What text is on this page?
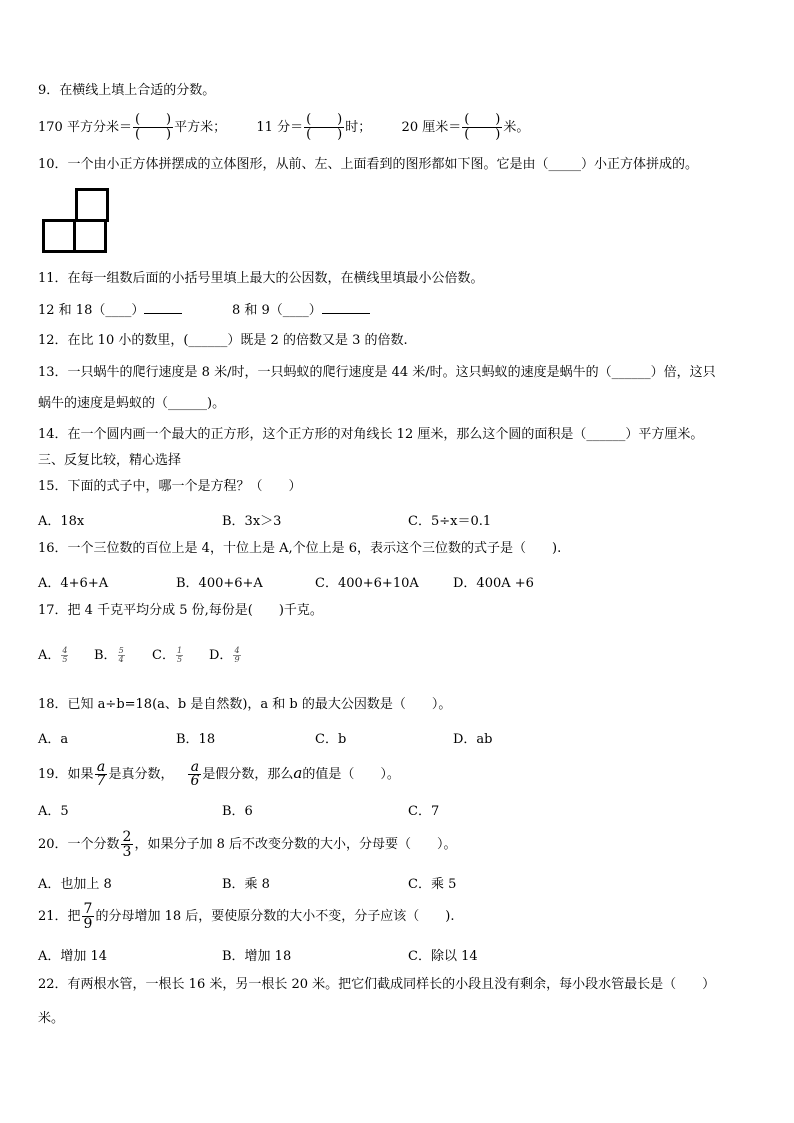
9．在横线上填上合适的分数。
170 平方分米＝ $\frac{( )}{( )}$ 平方米； 11 分＝ $\frac{( )}{( )}$ 时； 20 厘米＝ $\frac{( )}{( )}$ 米。
10．一个由小正方体拼摆成的立体图形，从前、左、上面看到的图形都如下图。它是由（_____）小正方体拼成的。
11．在每一组数后面的小括号里填上最大的公因数，在横线里填最小公倍数。
12 和 18（____）	8 和 9（____）
12．在比 10 小的数里，(______）既是 2 的倍数又是 3 的倍数.
13．一只蜗牛的爬行速度是 8 米/时，一只蚂蚁的爬行速度是 44 米/时。这只蚂蚁的速度是蜗牛的（______）倍，这只
蜗牛的速度是蚂蚁的（______)。
14．在一个圆内画一个最大的正方形，这个正方形的对角线长 12 厘米，那么这个圆的面积是（______）平方厘米。
三、反复比较，精心选择
15．下面的式子中，哪一个是方程？（　　）
A．18x	B．3x＞3	C．5÷x＝0.1
16．一个三位数的百位上是 4，十位上是 A,个位上是 6，表示这个三位数的式子是（　　).
A．4+6+A	B．400+6+A	C．400+6+10A	D．400A +6
17．把 4 千克平均分成 5 份,每份是(　　)千克。
A． $\frac{4}{5}$ B． $\frac{5}{4}$ C． $\frac{1}{5}$ D． $\frac{4}{9}$
18．已知 a÷b=18(a、b 是自然数)，a 和 b 的最大公因数是（　　）。
A．a	B．18	C．b	D．ab
19．如果 $\frac{a}{7}$ 是真分数， $\frac{a}{6}$ 是假分数，那么a的值是（　　）。
A．5	B．6	C．7
20．一个分数 $\frac{2}{3}$ ，如果分子加 8 后不改变分数的大小，分母要（　　）。
A．也加上 8	B．乘 8	C．乘 5
21．把 $\frac{7}{9}$ 的分母增加 18 后，要使原分数的大小不变，分子应该（　　).
A．增加 14	B．增加 18	C．除以 14
22．有两根水管，一根长 16 米，另一根长 20 米。把它们截成同样长的小段且没有剩余，每小段水管最长是（　　）
米。
